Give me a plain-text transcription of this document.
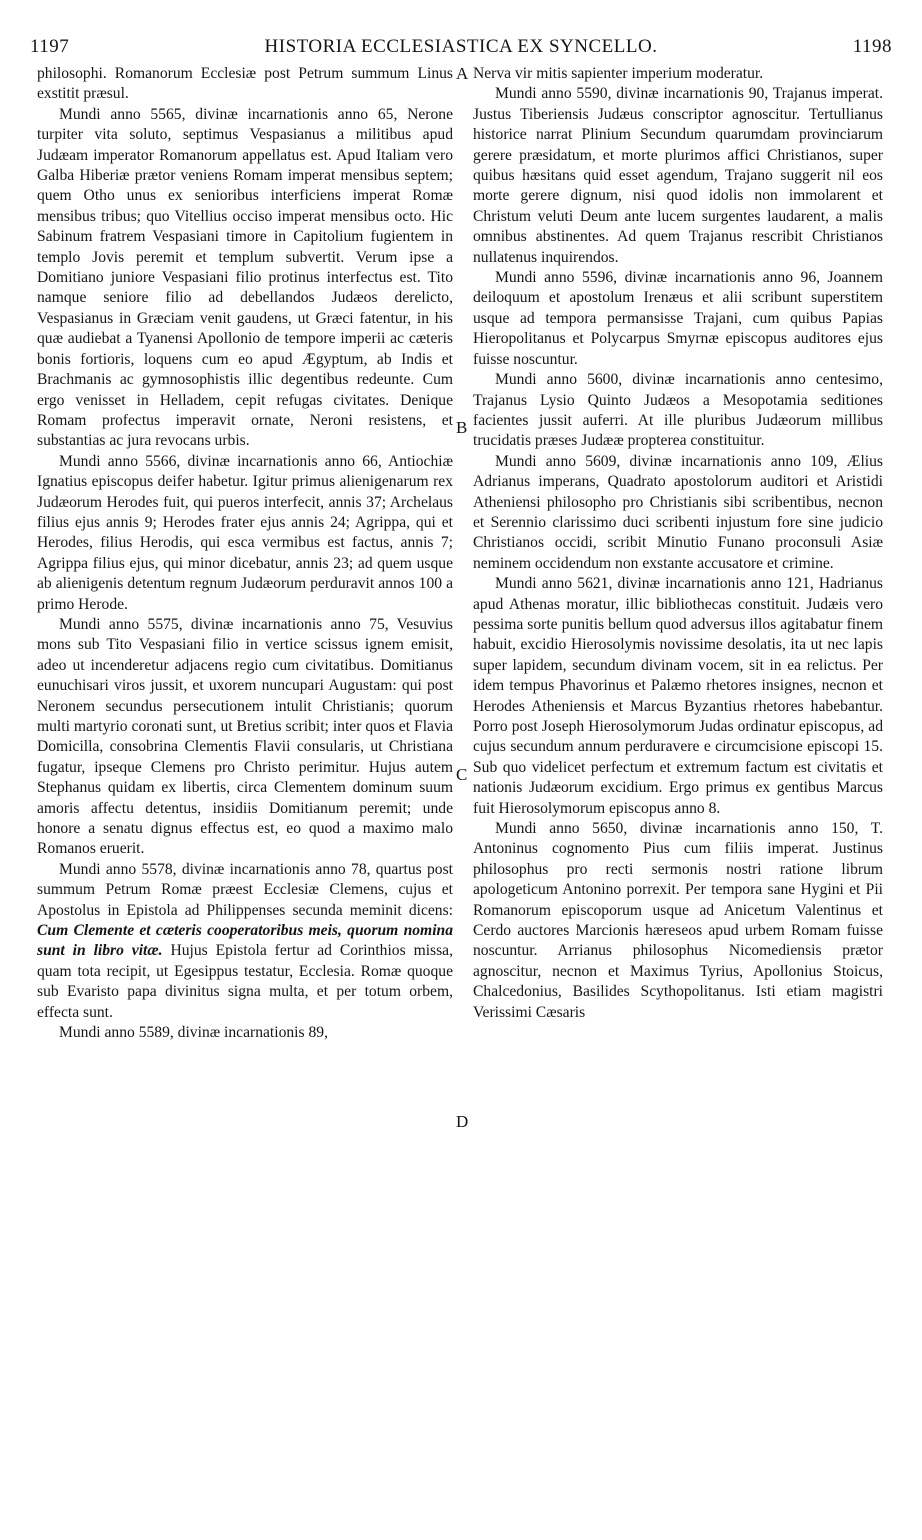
1197	HISTORIA ECCLESIASTICA EX SYNCELLO.	1198
A
B
C
D

philosophi. Romanorum Ecclesiæ post Petrum summum Linus exstitit præsul.

Mundi anno 5565, divinæ incarnationis anno 65, Nerone turpiter vita soluto, septimus Vespasianus a militibus apud Judæam imperator Romanorum appellatus est. Apud Italiam vero Galba Hiberiæ prætor veniens Romam imperat mensibus septem; quem Otho unus ex senioribus interficiens imperat Romæ mensibus tribus; quo Vitellius occiso imperat mensibus octo. Hic Sabinum fratrem Vespasiani timore in Capitolium fugientem in templo Jovis peremit et templum subvertit. Verum ipse a Domitiano juniore Vespasiani filio protinus interfectus est. Tito namque seniore filio ad debellandos Judæos derelicto, Vespasianus in Græciam venit gaudens, ut Græci fatentur, in his quæ audiebat a Tyanensi Apollonio de tempore imperii ac cæteris bonis fortioris, loquens cum eo apud Ægyptum, ab Indis et Brachmanis ac gymnosophistis illic degentibus redeunte. Cum ergo venisset in Helladem, cepit refugas civitates. Denique Romam profectus imperavit ornate, Neroni resistens, et substantias ac jura revocans urbis.

Mundi anno 5566, divinæ incarnationis anno 66, Antiochiæ Ignatius episcopus deifer habetur. Igitur primus alienigenarum rex Judæorum Herodes fuit, qui pueros interfecit, annis 37; Archelaus filius ejus annis 9; Herodes frater ejus annis 24; Agrippa, qui et Herodes, filius Herodis, qui esca vermibus est factus, annis 7; Agrippa filius ejus, qui minor dicebatur, annis 23; ad quem usque ab alienigenis detentum regnum Judæorum perduravit annos 100 a primo Herode.

Mundi anno 5575, divinæ incarnationis anno 75, Vesuvius mons sub Tito Vespasiani filio in vertice scissus ignem emisit, adeo ut incenderetur adjacens regio cum civitatibus. Domitianus eunuchisari viros jussit, et uxorem nuncupari Augustam: qui post Neronem secundus persecutionem intulit Christianis; quorum multi martyrio coronati sunt, ut Bretius scribit; inter quos et Flavia Domicilla, consobrina Clementis Flavii consularis, ut Christiana fugatur, ipseque Clemens pro Christo perimitur. Hujus autem Stephanus quidam ex libertis, circa Clementem dominum suum amoris affectu detentus, insidiis Domitianum peremit; unde honore a senatu dignus effectus est, eo quod a maximo malo Romanos eruerit.

Mundi anno 5578, divinæ incarnationis anno 78, quartus post summum Petrum Romæ præest Ecclesiæ Clemens, cujus et Apostolus in Epistola ad Philippenses secunda meminit dicens: Cum Clemente et cæteris cooperatoribus meis, quorum nomina sunt in libro vitæ. Hujus Epistola fertur ad Corinthios missa, quam tota recipit, ut Egesippus testatur, Ecclesia. Romæ quoque sub Evaristo papa divinitus signa multa, et per totum orbem, effecta sunt.

Mundi anno 5589, divinæ incarnationis 89,

Nerva vir mitis sapienter imperium moderatur.

Mundi anno 5590, divinæ incarnationis 90, Trajanus imperat. Justus Tiberiensis Judæus conscriptor agnoscitur. Tertullianus historice narrat Plinium Secundum quarumdam provinciarum gerere præsidatum, et morte plurimos affici Christianos, super quibus hæsitans quid esset agendum, Trajano suggerit nil eos morte gerere dignum, nisi quod idolis non immolarent et Christum veluti Deum ante lucem surgentes laudarent, a malis omnibus abstinentes. Ad quem Trajanus rescribit Christianos nullatenus inquirendos.

Mundi anno 5596, divinæ incarnationis anno 96, Joannem deiloquum et apostolum Irenæus et alii scribunt superstitem usque ad tempora permansisse Trajani, cum quibus Papias Hieropolitanus et Polycarpus Smyrnæ episcopus auditores ejus fuisse noscuntur.

Mundi anno 5600, divinæ incarnationis anno centesimo, Trajanus Lysio Quinto Judæos a Mesopotamia seditiones facientes jussit auferri. At ille pluribus Judæorum millibus trucidatis præses Judææ propterea constituitur.

Mundi anno 5609, divinæ incarnationis anno 109, Ælius Adrianus imperans, Quadrato apostolorum auditori et Aristidi Atheniensi philosopho pro Christianis sibi scribentibus, necnon et Serennio clarissimo duci scribenti injustum fore sine judicio Christianos occidi, scribit Minutio Funano proconsuli Asiæ neminem occidendum non exstante accusatore et crimine.

Mundi anno 5621, divinæ incarnationis anno 121, Hadrianus apud Athenas moratur, illic bibliothecas constituit. Judæis vero pessima sorte punitis bellum quod adversus illos agitabatur finem habuit, excidio Hierosolymis novissime desolatis, ita ut nec lapis super lapidem, secundum divinam vocem, sit in ea relictus. Per idem tempus Phavorinus et Palæmo rhetores insignes, necnon et Herodes Atheniensis et Marcus Byzantius rhetores habebantur. Porro post Joseph Hierosolymorum Judas ordinatur episcopus, ad cujus secundum annum perduravere e circumcisione episcopi 15. Sub quo videlicet perfectum et extremum factum est civitatis et nationis Judæorum excidium. Ergo primus ex gentibus Marcus fuit Hierosolymorum episcopus anno 8.

Mundi anno 5650, divinæ incarnationis anno 150, T. Antoninus cognomento Pius cum filiis imperat. Justinus philosophus pro recti sermonis nostri ratione librum apologeticum Antonino porrexit. Per tempora sane Hygini et Pii Romanorum episcoporum usque ad Anicetum Valentinus et Cerdo auctores Marcionis hæreseos apud urbem Romam fuisse noscuntur. Arrianus philosophus Nicomediensis prætor agnoscitur, necnon et Maximus Tyrius, Apollonius Stoicus, Chalcedonius, Basilides Scythopolitanus. Isti etiam magistri Verissimi Cæsaris
